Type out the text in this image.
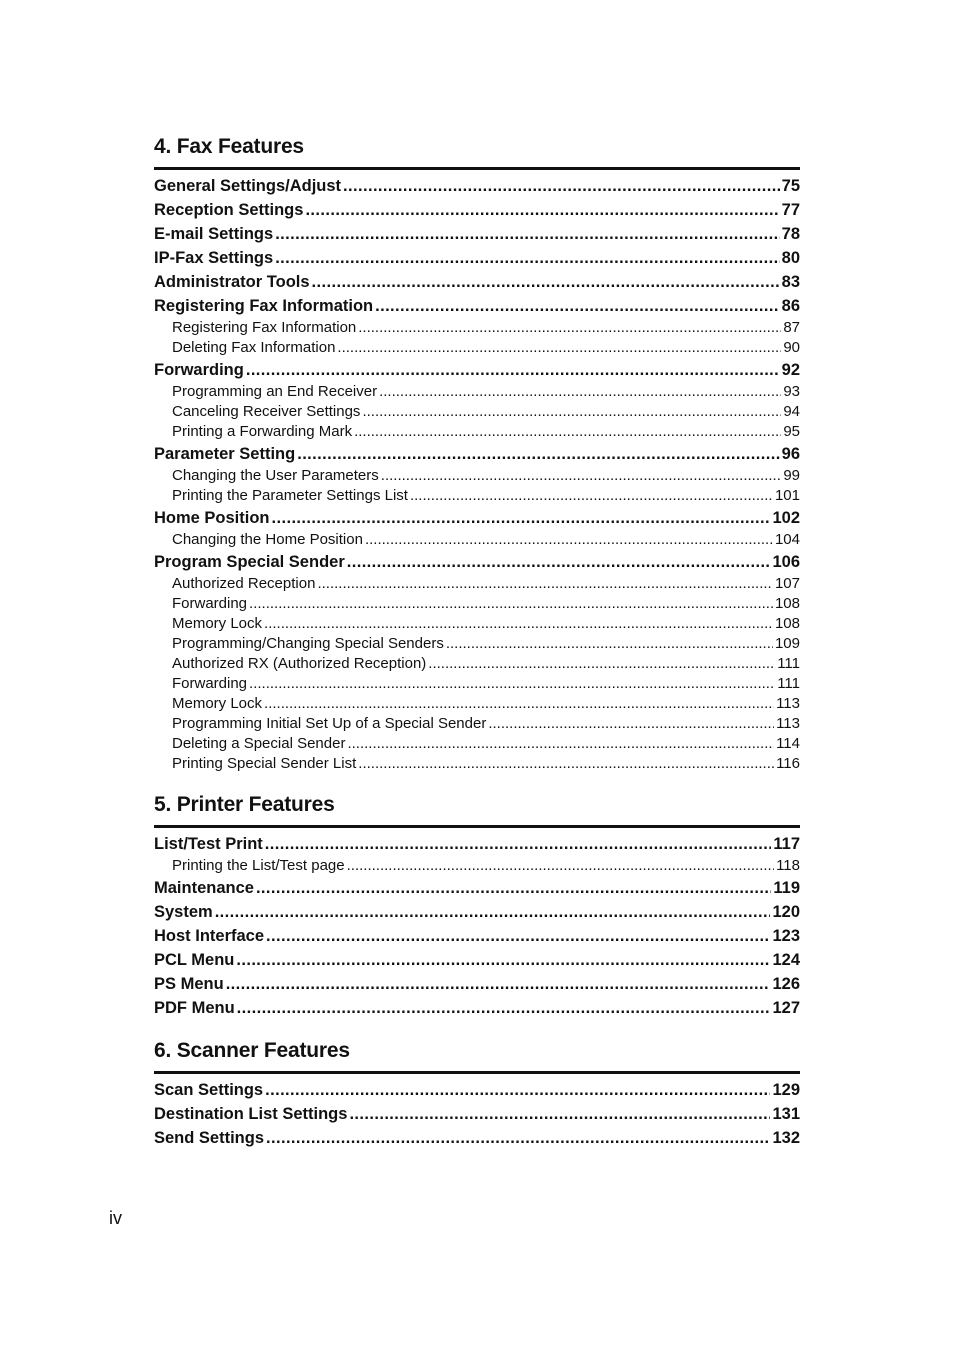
4. Fax Features
General Settings/Adjust .....	75
Reception Settings .....	77
E-mail Settings .....	78
IP-Fax Settings .....	80
Administrator Tools .....	83
Registering Fax Information .....	86
Registering Fax Information .....	87
Deleting Fax Information .....	90
Forwarding .....	92
Programming an End Receiver .....	93
Canceling Receiver Settings .....	94
Printing a Forwarding Mark .....	95
Parameter Setting .....	96
Changing the User Parameters .....	99
Printing the Parameter Settings List .....	101
Home Position .....	102
Changing the Home Position .....	104
Program Special Sender .....	106
Authorized Reception .....	107
Forwarding .....	108
Memory Lock .....	108
Programming/Changing Special Senders .....	109
Authorized RX (Authorized Reception) .....	111
Forwarding .....	111
Memory Lock .....	113
Programming Initial Set Up of a Special Sender .....	113
Deleting a Special Sender .....	114
Printing Special Sender List .....	116
5. Printer Features
List/Test Print .....	117
Printing the List/Test page .....	118
Maintenance .....	119
System .....	120
Host Interface .....	123
PCL Menu .....	124
PS Menu .....	126
PDF Menu .....	127
6. Scanner Features
Scan Settings .....	129
Destination List Settings .....	131
Send Settings .....	132
iv
